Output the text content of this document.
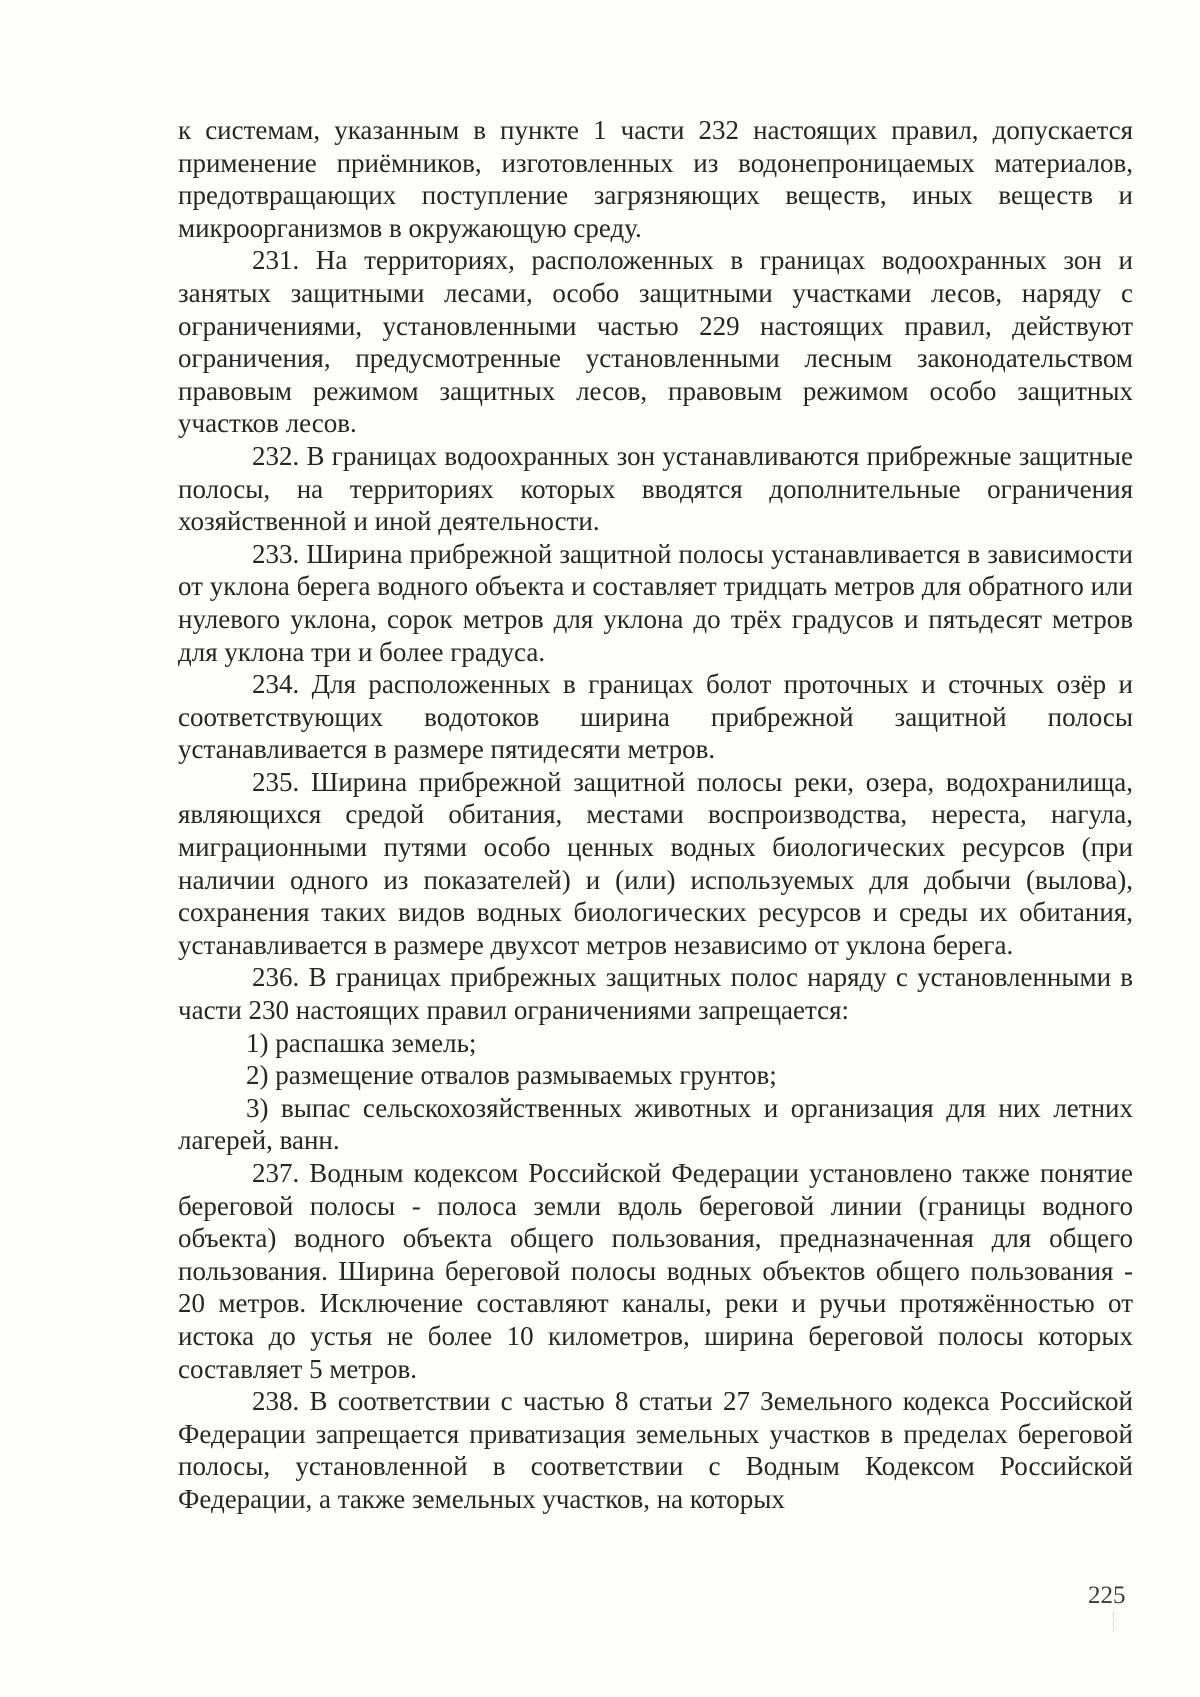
к системам, указанным в пункте 1 части 232 настоящих правил, допускается применение приёмников, изготовленных из водонепроницаемых материалов, предотвращающих поступление загрязняющих веществ, иных веществ и микроорганизмов в окружающую среду.

231. На территориях, расположенных в границах водоохранных зон и занятых защитными лесами, особо защитными участками лесов, наряду с ограничениями, установленными частью 229 настоящих правил, действуют ограничения, предусмотренные установленными лесным законодательством правовым режимом защитных лесов, правовым режимом особо защитных участков лесов.

232. В границах водоохранных зон устанавливаются прибрежные защитные полосы, на территориях которых вводятся дополнительные ограничения хозяйственной и иной деятельности.

233. Ширина прибрежной защитной полосы устанавливается в зависимости от уклона берега водного объекта и составляет тридцать метров для обратного или нулевого уклона, сорок метров для уклона до трёх градусов и пятьдесят метров для уклона три и более градуса.

234. Для расположенных в границах болот проточных и сточных озёр и соответствующих водотоков ширина прибрежной защитной полосы устанавливается в размере пятидесяти метров.

235. Ширина прибрежной защитной полосы реки, озера, водохранилища, являющихся средой обитания, местами воспроизводства, нереста, нагула, миграционными путями особо ценных водных биологических ресурсов (при наличии одного из показателей) и (или) используемых для добычи (вылова), сохранения таких видов водных биологических ресурсов и среды их обитания, устанавливается в размере двухсот метров независимо от уклона берега.

236. В границах прибрежных защитных полос наряду с установленными в части 230 настоящих правил ограничениями запрещается:

1) распашка земель;

2) размещение отвалов размываемых грунтов;

3) выпас сельскохозяйственных животных и организация для них летних лагерей, ванн.

237. Водным кодексом Российской Федерации установлено также понятие береговой полосы - полоса земли вдоль береговой линии (границы водного объекта) водного объекта общего пользования, предназначенная для общего пользования. Ширина береговой полосы водных объектов общего пользования - 20 метров. Исключение составляют каналы, реки и ручьи протяжённостью от истока до устья не более 10 километров, ширина береговой полосы которых составляет 5 метров.

238. В соответствии с частью 8 статьи 27 Земельного кодекса Российской Федерации запрещается приватизация земельных участков в пределах береговой полосы, установленной в соответствии с Водным Кодексом Российской Федерации, а также земельных участков, на которых

225
